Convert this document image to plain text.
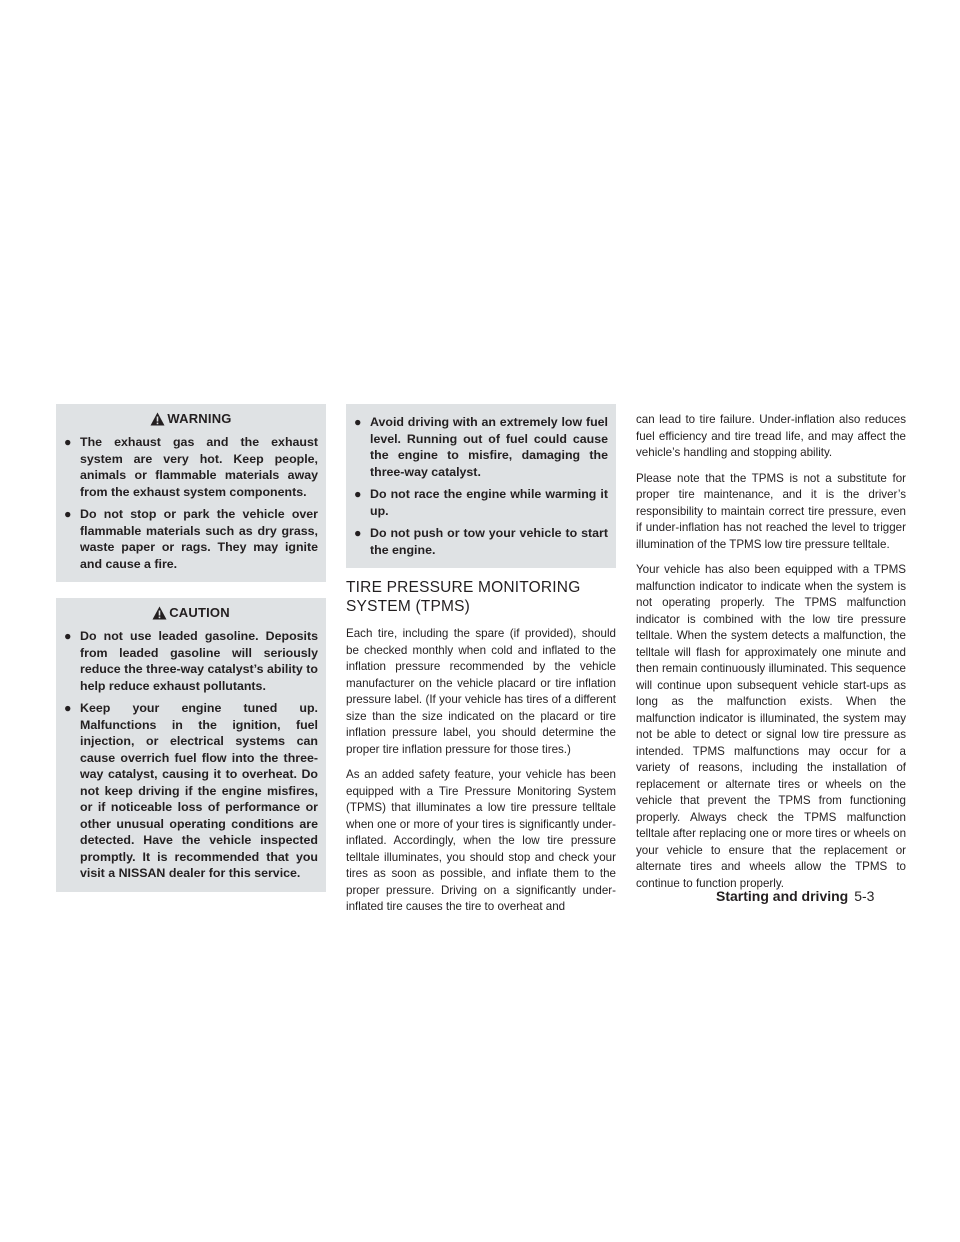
WARNING
● The exhaust gas and the exhaust system are very hot. Keep people, animals or flammable materials away from the exhaust system components.
● Do not stop or park the vehicle over flammable materials such as dry grass, waste paper or rags. They may ignite and cause a fire.
CAUTION
● Do not use leaded gasoline. Deposits from leaded gasoline will seriously reduce the three-way catalyst’s ability to help reduce exhaust pollutants.
● Keep your engine tuned up. Malfunctions in the ignition, fuel injection, or electrical systems can cause overrich fuel flow into the three-way catalyst, causing it to overheat. Do not keep driving if the engine misfires, or if noticeable loss of performance or other unusual operating conditions are detected. Have the vehicle inspected promptly. It is recommended that you visit a NISSAN dealer for this service.
● Avoid driving with an extremely low fuel level. Running out of fuel could cause the engine to misfire, damaging the three-way catalyst.
● Do not race the engine while warming it up.
● Do not push or tow your vehicle to start the engine.
TIRE PRESSURE MONITORING
SYSTEM (TPMS)

Each tire, including the spare (if provided), should be checked monthly when cold and inflated to the inflation pressure recommended by the vehicle manufacturer on the vehicle placard or tire inflation pressure label. (If your vehicle has tires of a different size than the size indicated on the placard or tire inflation pressure label, you should determine the proper tire inflation pressure for those tires.)

As an added safety feature, your vehicle has been equipped with a Tire Pressure Monitoring System (TPMS) that illuminates a low tire pressure telltale when one or more of your tires is significantly under-inflated. Accordingly, when the low tire pressure telltale illuminates, you should stop and check your tires as soon as possible, and inflate them to the proper pressure. Driving on a significantly under-inflated tire causes the tire to overheat and

can lead to tire failure. Under-inflation also reduces fuel efficiency and tire tread life, and may affect the vehicle’s handling and stopping ability.

Please note that the TPMS is not a substitute for proper tire maintenance, and it is the driver’s responsibility to maintain correct tire pressure, even if under-inflation has not reached the level to trigger illumination of the TPMS low tire pressure telltale.

Your vehicle has also been equipped with a TPMS malfunction indicator to indicate when the system is not operating properly. The TPMS malfunction indicator is combined with the low tire pressure telltale. When the system detects a malfunction, the telltale will flash for approximately one minute and then remain continuously illuminated. This sequence will continue upon subsequent vehicle start-ups as long as the malfunction exists. When the malfunction indicator is illuminated, the system may not be able to detect or signal low tire pressure as intended. TPMS malfunctions may occur for a variety of reasons, including the installation of replacement or alternate tires or wheels on the vehicle that prevent the TPMS from functioning properly. Always check the TPMS malfunction telltale after replacing one or more tires or wheels on your vehicle to ensure that the replacement or alternate tires and wheels allow the TPMS to continue to function properly.

Starting and driving 5-3
